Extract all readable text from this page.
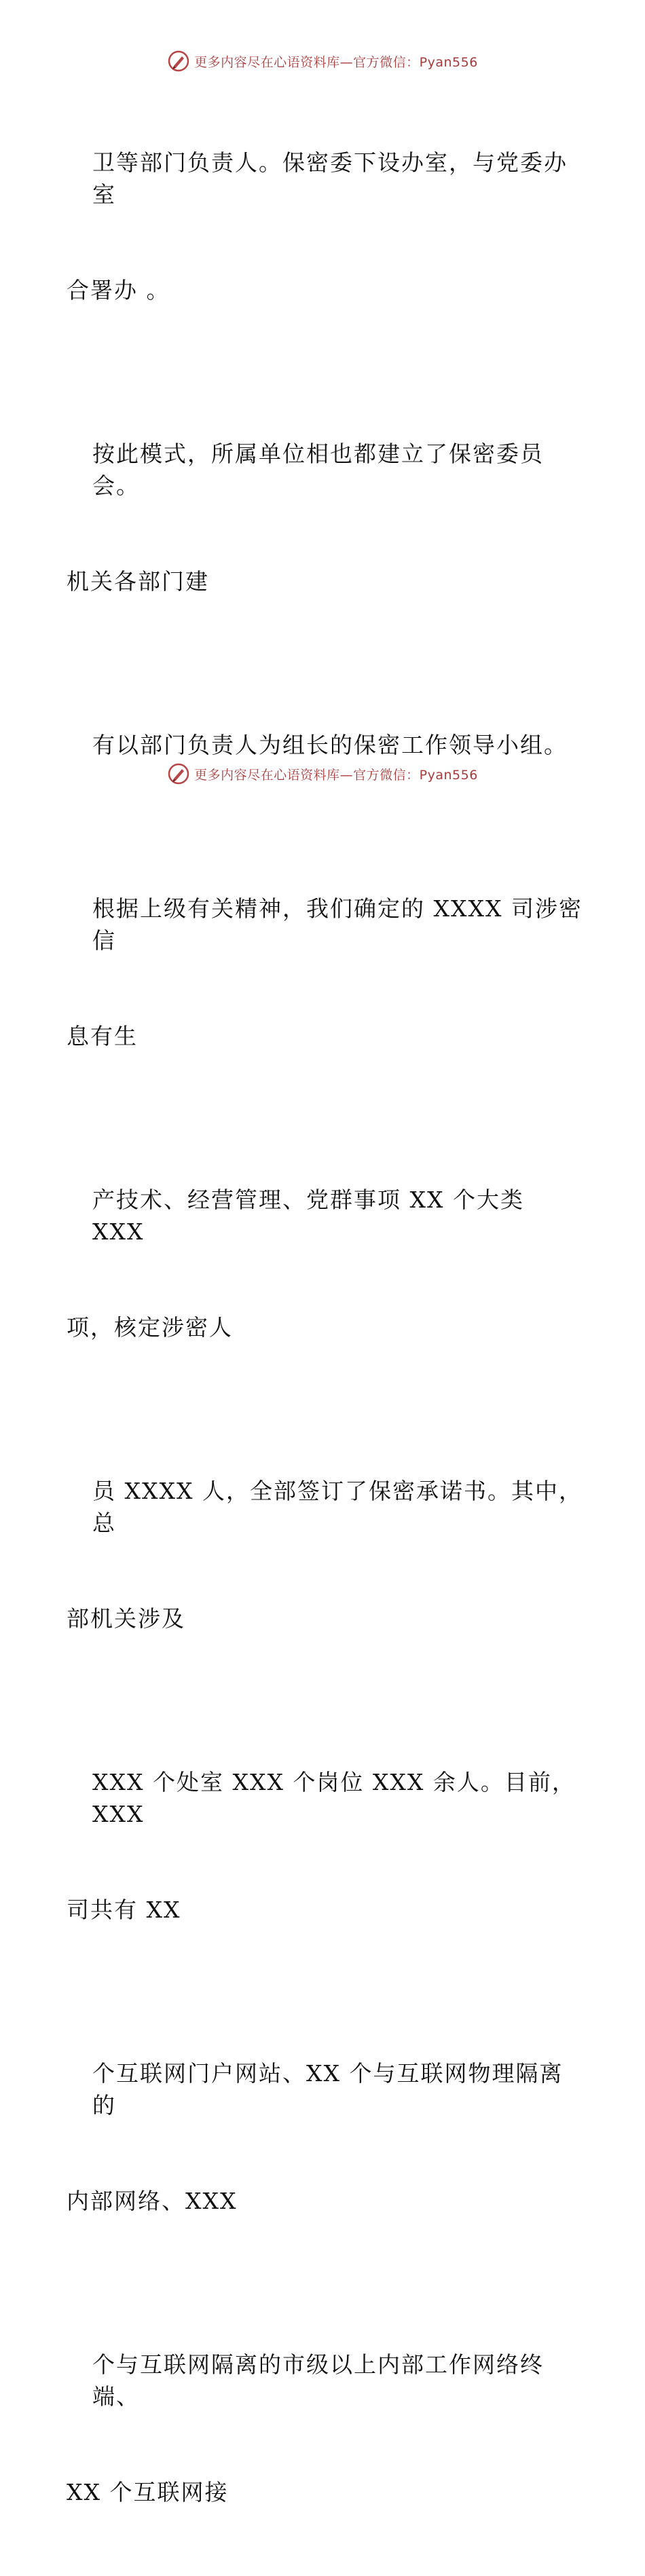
更多内容尽在心语资料库—官方微信：Pyan556

卫等部门负责人。保密委下设办室，与党委办室

合署办 。

按此模式，所属单位相也都建立了保密委员会。

机关各部门建

有以部门负责人为组长的保密工作领导小组。

根据上级有关精神，我们确定的 XXXX 司涉密信

息有生

产技术、经营管理、党群事项 XX 个大类 XXX

项，核定涉密人

员 XXXX 人，全部签订了保密承诺书。其中，总

部机关涉及

XXX 个处室 XXX 个岗位 XXX 余人。目前，XXX

司共有 XX

个互联网门户网站、XX 个与互联网物理隔离的

内部网络、XXX

个与互联网隔离的市级以上内部工作网络终端、

XX 个互联网接

更多内容尽在心语资料库—官方微信：Pyan556
